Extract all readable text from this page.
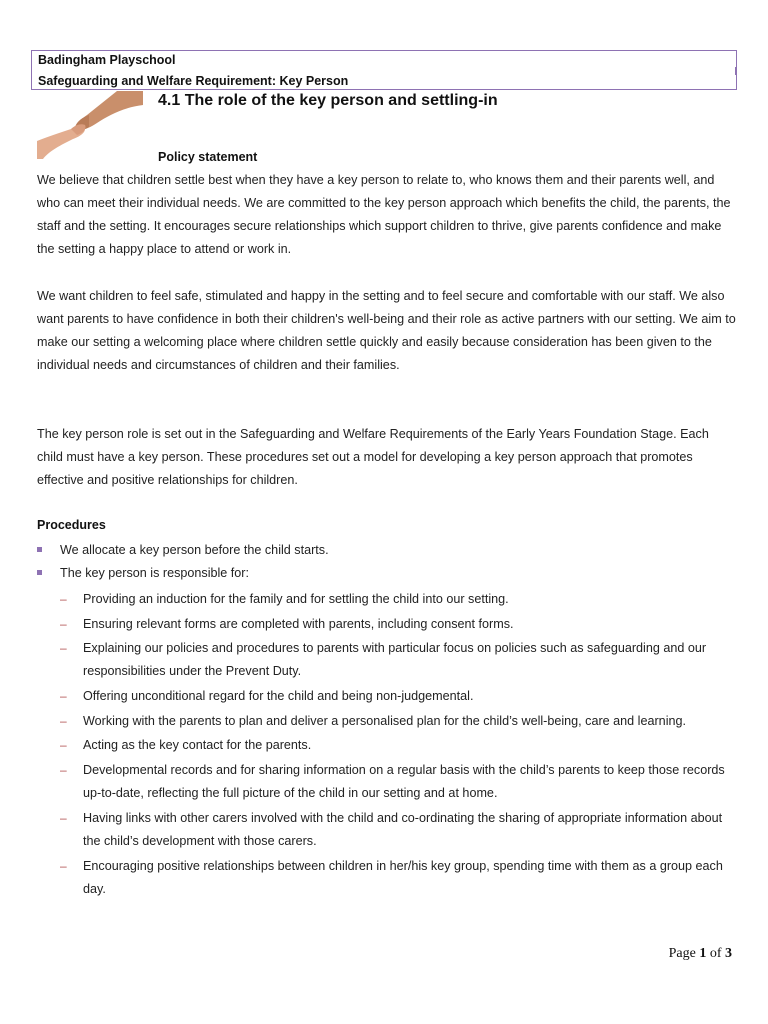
Badingham Playschool
Safeguarding and Welfare Requirement: Key Person
4.1 The role of the key person and settling-in
Policy statement

We believe that children settle best when they have a key person to relate to, who knows them and their parents well, and who can meet their individual needs. We are committed to the key person approach which benefits the child, the parents, the staff and the setting. It encourages secure relationships which support children to thrive, give parents confidence and make the setting a happy place to attend or work in.

We want children to feel safe, stimulated and happy in the setting and to feel secure and comfortable with our staff. We also want parents to have confidence in both their children's well-being and their role as active partners with our setting. We aim to make our setting a welcoming place where children settle quickly and easily because consideration has been given to the individual needs and circumstances of children and their families.

The key person role is set out in the Safeguarding and Welfare Requirements of the Early Years Foundation Stage. Each child must have a key person. These procedures set out a model for developing a key person approach that promotes effective and positive relationships for children.

Procedures
We allocate a key person before the child starts.
The key person is responsible for:
– Providing an induction for the family and for settling the child into our setting.
– Ensuring relevant forms are completed with parents, including consent forms.
– Explaining our policies and procedures to parents with particular focus on policies such as safeguarding and our responsibilities under the Prevent Duty.
– Offering unconditional regard for the child and being non-judgemental.
– Working with the parents to plan and deliver a personalised plan for the child’s well-being, care and learning.
– Acting as the key contact for the parents.
– Developmental records and for sharing information on a regular basis with the child’s parents to keep those records up-to-date, reflecting the full picture of the child in our setting and at home.
– Having links with other carers involved with the child and co-ordinating the sharing of appropriate information about the child’s development with those carers.
– Encouraging positive relationships between children in her/his key group, spending time with them as a group each day.
Page 1 of 3
